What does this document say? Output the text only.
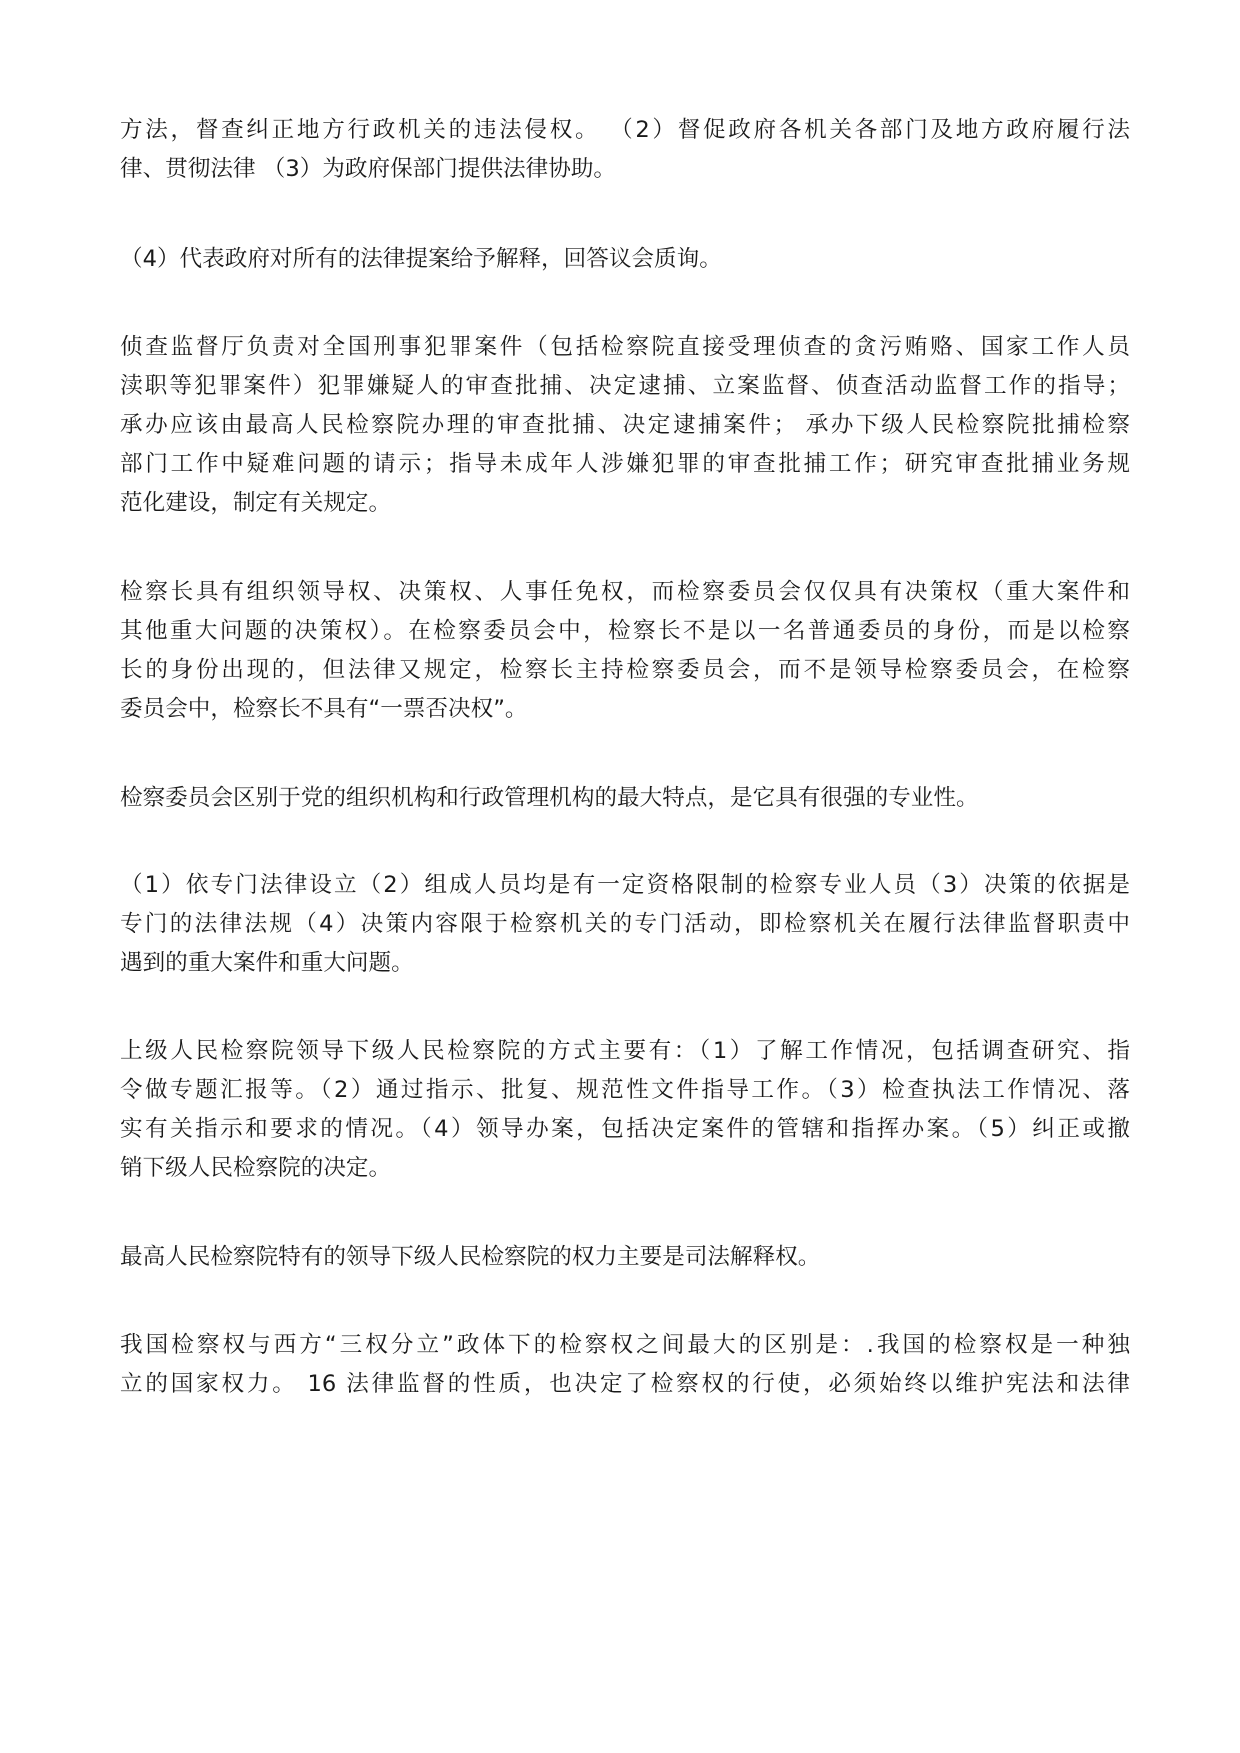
方法，督查纠正地方行政机关的违法侵权。 （2）督促政府各机关各部门及地方政府履行法
律、贯彻法律 （3）为政府保部门提供法律协助。
（4）代表政府对所有的法律提案给予解释，回答议会质询。
侦查监督厅负责对全国刑事犯罪案件（包括检察院直接受理侦查的贪污贿赂、国家工作人员
渎职等犯罪案件）犯罪嫌疑人的审查批捕、决定逮捕、立案监督、侦查活动监督工作的指导；
承办应该由最高人民检察院办理的审查批捕、决定逮捕案件； 承办下级人民检察院批捕检察
部门工作中疑难问题的请示；指导未成年人涉嫌犯罪的审查批捕工作；研究审查批捕业务规
范化建设，制定有关规定。
检察长具有组织领导权、决策权、人事任免权，而检察委员会仅仅具有决策权（重大案件和
其他重大问题的决策权）。在检察委员会中，检察长不是以一名普通委员的身份，而是以检察
长的身份出现的，但法律又规定，检察长主持检察委员会，而不是领导检察委员会，在检察
委员会中，检察长不具有“一票否决权”。
检察委员会区别于党的组织机构和行政管理机构的最大特点，是它具有很强的专业性。
（1）依专门法律设立（2）组成人员均是有一定资格限制的检察专业人员（3）决策的依据是
专门的法律法规（4）决策内容限于检察机关的专门活动，即检察机关在履行法律监督职责中
遇到的重大案件和重大问题。
上级人民检察院领导下级人民检察院的方式主要有：（1）了解工作情况，包括调查研究、指
令做专题汇报等。（2）通过指示、批复、规范性文件指导工作。（3）检查执法工作情况、落
实有关指示和要求的情况。（4）领导办案，包括决定案件的管辖和指挥办案。（5）纠正或撤
销下级人民检察院的决定。
最高人民检察院特有的领导下级人民检察院的权力主要是司法解释权。
我国检察权与西方“三权分立”政体下的检察权之间最大的区别是：.我国的检察权是一种独
立的国家权力。 16 法律监督的性质，也决定了检察权的行使，必须始终以维护宪法和法律
